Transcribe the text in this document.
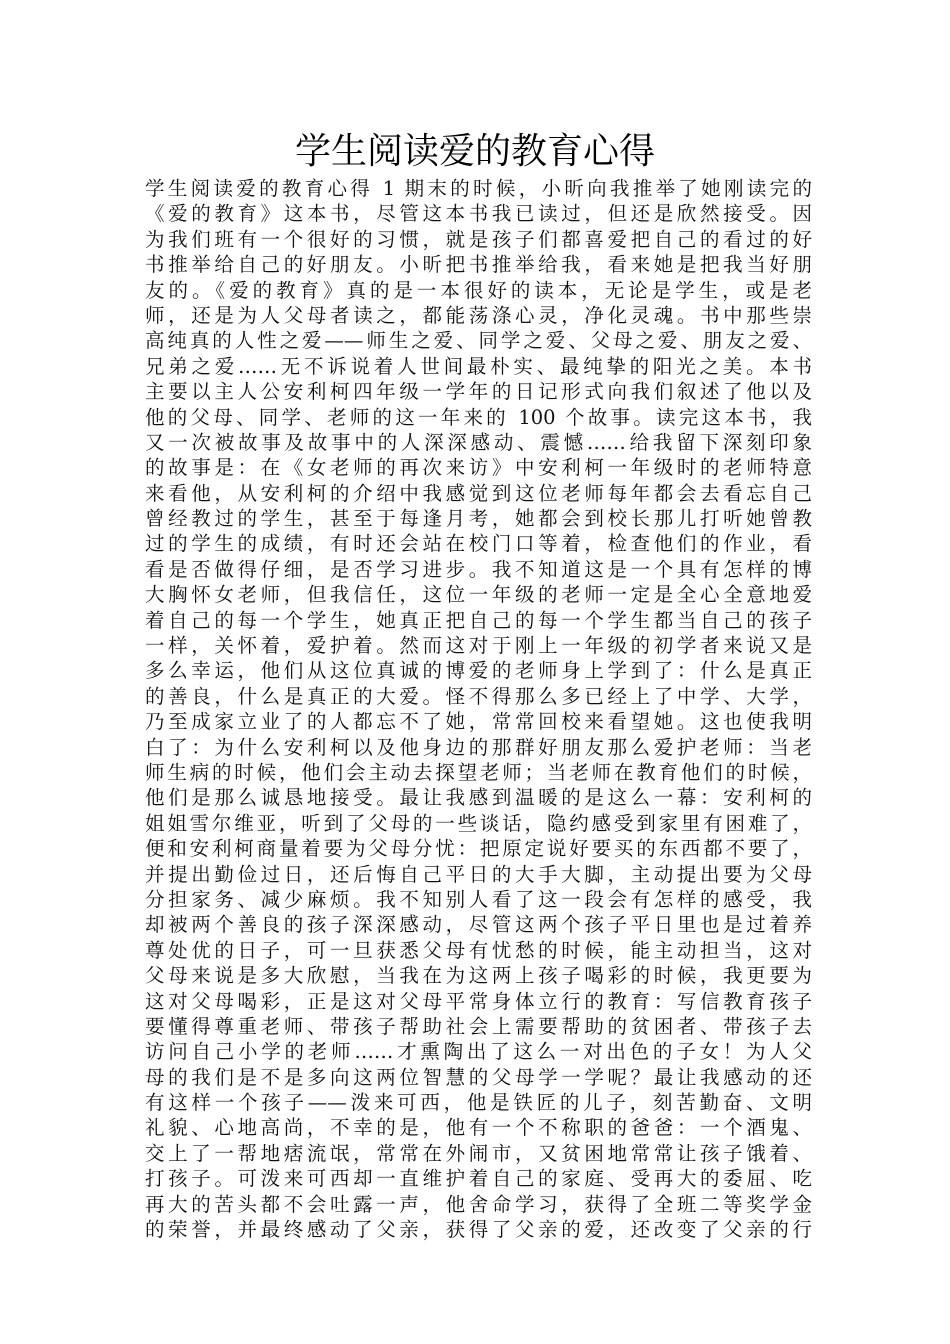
学生阅读爱的教育心得
学生阅读爱的教育心得 1 期末的时候，小昕向我推举了她刚读完的
《爱的教育》这本书，尽管这本书我已读过，但还是欣然接受。因
为我们班有一个很好的习惯，就是孩子们都喜爱把自己的看过的好
书推举给自己的好朋友。小昕把书推举给我，看来她是把我当好朋
友的。《爱的教育》真的是一本很好的读本，无论是学生，或是老
师，还是为人父母者读之，都能荡涤心灵，净化灵魂。书中那些崇
高纯真的人性之爱——师生之爱、同学之爱、父母之爱、朋友之爱、
兄弟之爱……无不诉说着人世间最朴实、最纯挚的阳光之美。本书
主要以主人公安利柯四年级一学年的日记形式向我们叙述了他以及
他的父母、同学、老师的这一年来的 100 个故事。读完这本书，我
又一次被故事及故事中的人深深感动、震憾……给我留下深刻印象
的故事是：在《女老师的再次来访》中安利柯一年级时的老师特意
来看他，从安利柯的介绍中我感觉到这位老师每年都会去看忘自己
曾经教过的学生，甚至于每逢月考，她都会到校长那儿打听她曾教
过的学生的成绩，有时还会站在校门口等着，检查他们的作业，看
看是否做得仔细，是否学习进步。我不知道这是一个具有怎样的博
大胸怀女老师，但我信任，这位一年级的老师一定是全心全意地爱
着自己的每一个学生，她真正把自己的每一个学生都当自己的孩子
一样，关怀着，爱护着。然而这对于刚上一年级的初学者来说又是
多么幸运，他们从这位真诚的博爱的老师身上学到了：什么是真正
的善良，什么是真正的大爱。怪不得那么多已经上了中学、大学，
乃至成家立业了的人都忘不了她，常常回校来看望她。这也使我明
白了：为什么安利柯以及他身边的那群好朋友那么爱护老师：当老
师生病的时候，他们会主动去探望老师；当老师在教育他们的时候，
他们是那么诚恳地接受。最让我感到温暖的是这么一幕：安利柯的
姐姐雪尔维亚，听到了父母的一些谈话，隐约感受到家里有困难了，
便和安利柯商量着要为父母分忧：把原定说好要买的东西都不要了，
并提出勤俭过日，还后悔自己平日的大手大脚，主动提出要为父母
分担家务、减少麻烦。我不知别人看了这一段会有怎样的感受，我
却被两个善良的孩子深深感动，尽管这两个孩子平日里也是过着养
尊处优的日子，可一旦获悉父母有忧愁的时候，能主动担当，这对
父母来说是多大欣慰，当我在为这两上孩子喝彩的时候，我更要为
这对父母喝彩，正是这对父母平常身体立行的教育：写信教育孩子
要懂得尊重老师、带孩子帮助社会上需要帮助的贫困者、带孩子去
访问自己小学的老师……才熏陶出了这么一对出色的子女！为人父
母的我们是不是多向这两位智慧的父母学一学呢？最让我感动的还
有这样一个孩子——泼来可西，他是铁匠的儿子，刻苦勤奋、文明
礼貌、心地高尚，不幸的是，他有一个不称职的爸爸：一个酒鬼、
交上了一帮地痞流氓，常常在外闹市，又贫困地常常让孩子饿着、
打孩子。可泼来可西却一直维护着自己的家庭、受再大的委屈、吃
再大的苦头都不会吐露一声，他舍命学习，获得了全班二等奖学金
的荣誉，并最终感动了父亲，获得了父亲的爱，还改变了父亲的行
